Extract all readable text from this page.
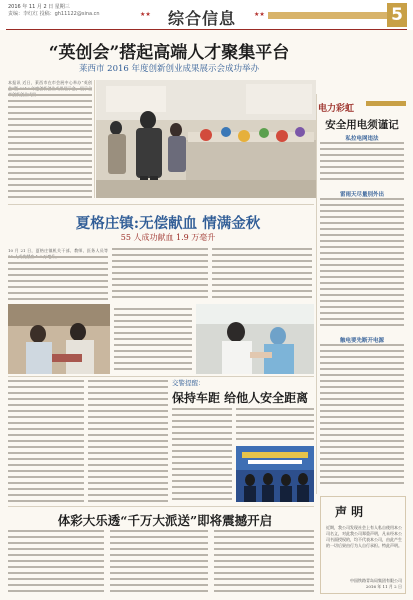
2016 年 11 月 2 日 星期三
责编：李红红 投稿：gh11122@sina.cn	★★ 综合信息	★★	5
“英创会”搭起高端人才聚集平台
莱西市 2016 年度创新创业成果展示会成功举办
本报讯 近日，莱西市在市会展中心举办“英创
电力彩虹
安全用电须谨记
私拉电网违法
雷雨天尽量别外出
触电要先断开电源
夏格庄镇:无偿献血 情满金秋
55 人成功献血 1.9 万毫升
10 月 21 日，夏格庄镇机关干部、教师、医务人员等
交警提醒：
保持车距 给他人安全距离
体彩大乐透“千万大派送”即将震撼开启
声 明
近期，我公司发现社会上有人私自使用本公司名义，对此我公司郑重声明，凡未经本公司书面授权的，均不代表本公司，由此产生的一切后果由行为人自行承担。特此声明。
中国铁路青岛局集团有限公司
2016 年 11 月 2 日
